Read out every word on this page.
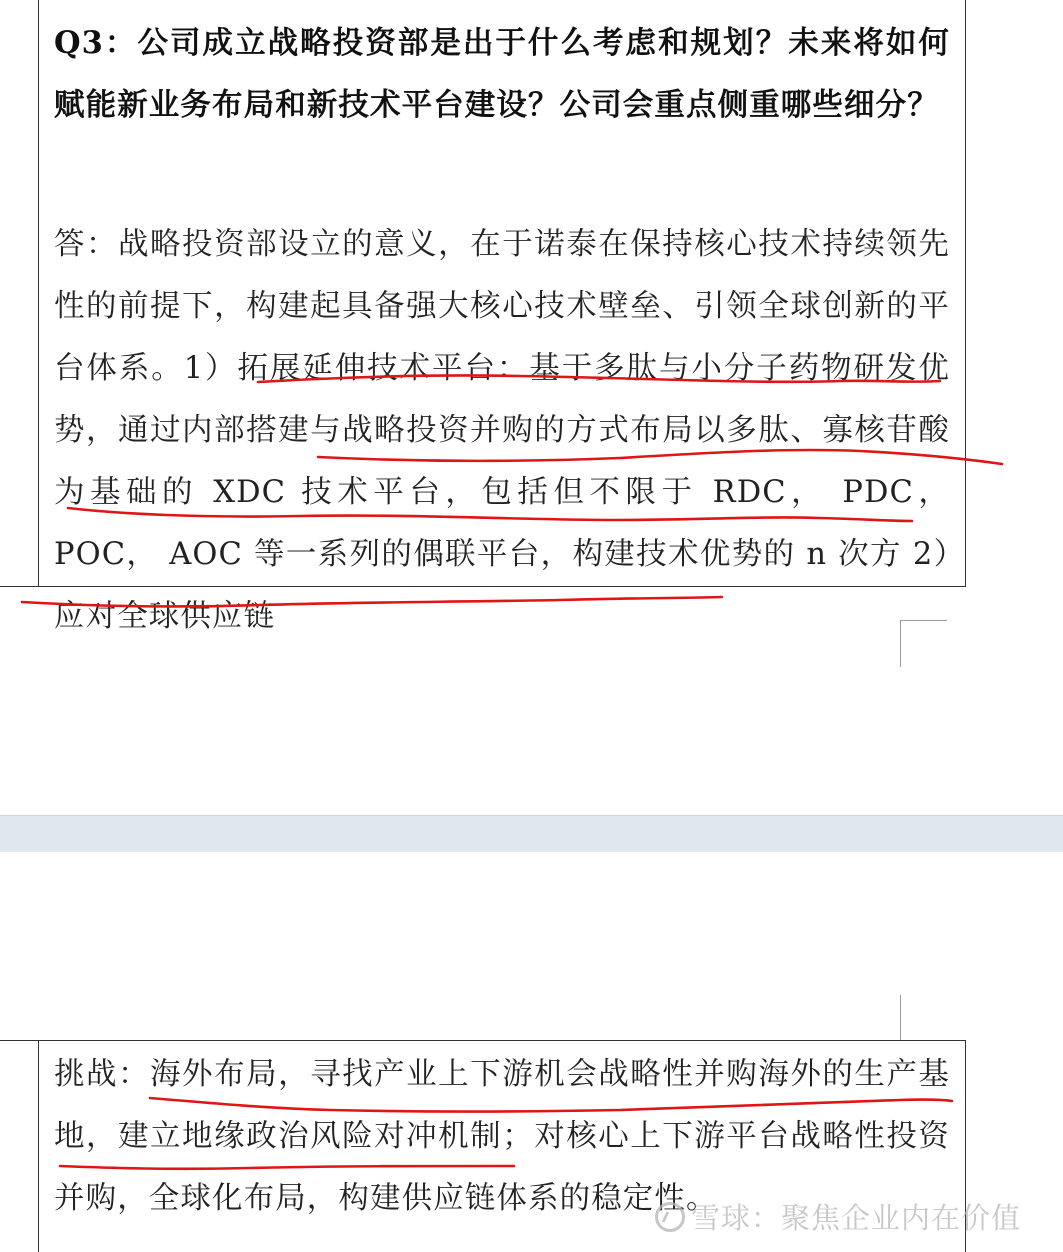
Q3：公司成立战略投资部是出于什么考虑和规划？未来将如何赋能新业务布局和新技术平台建设？公司会重点侧重哪些细分？
答：战略投资部设立的意义，在于诺泰在保持核心技术持续领先性的前提下，构建起具备强大核心技术壁垒、引领全球创新的平台体系。1）拓展延伸技术平台：基于多肽与小分子药物研发优势，通过内部搭建与战略投资并购的方式布局以多肽、寡核苷酸为基础的 XDC 技术平台，包括但不限于 RDC， PDC， POC， AOC 等一系列的偶联平台，构建技术优势的 n 次方 2）应对全球供应链
挑战：海外布局，寻找产业上下游机会战略性并购海外的生产基地，建立地缘政治风险对冲机制；对核心上下游平台战略性投资并购，全球化布局，构建供应链体系的稳定性。
雪球：聚焦企业内在价值
